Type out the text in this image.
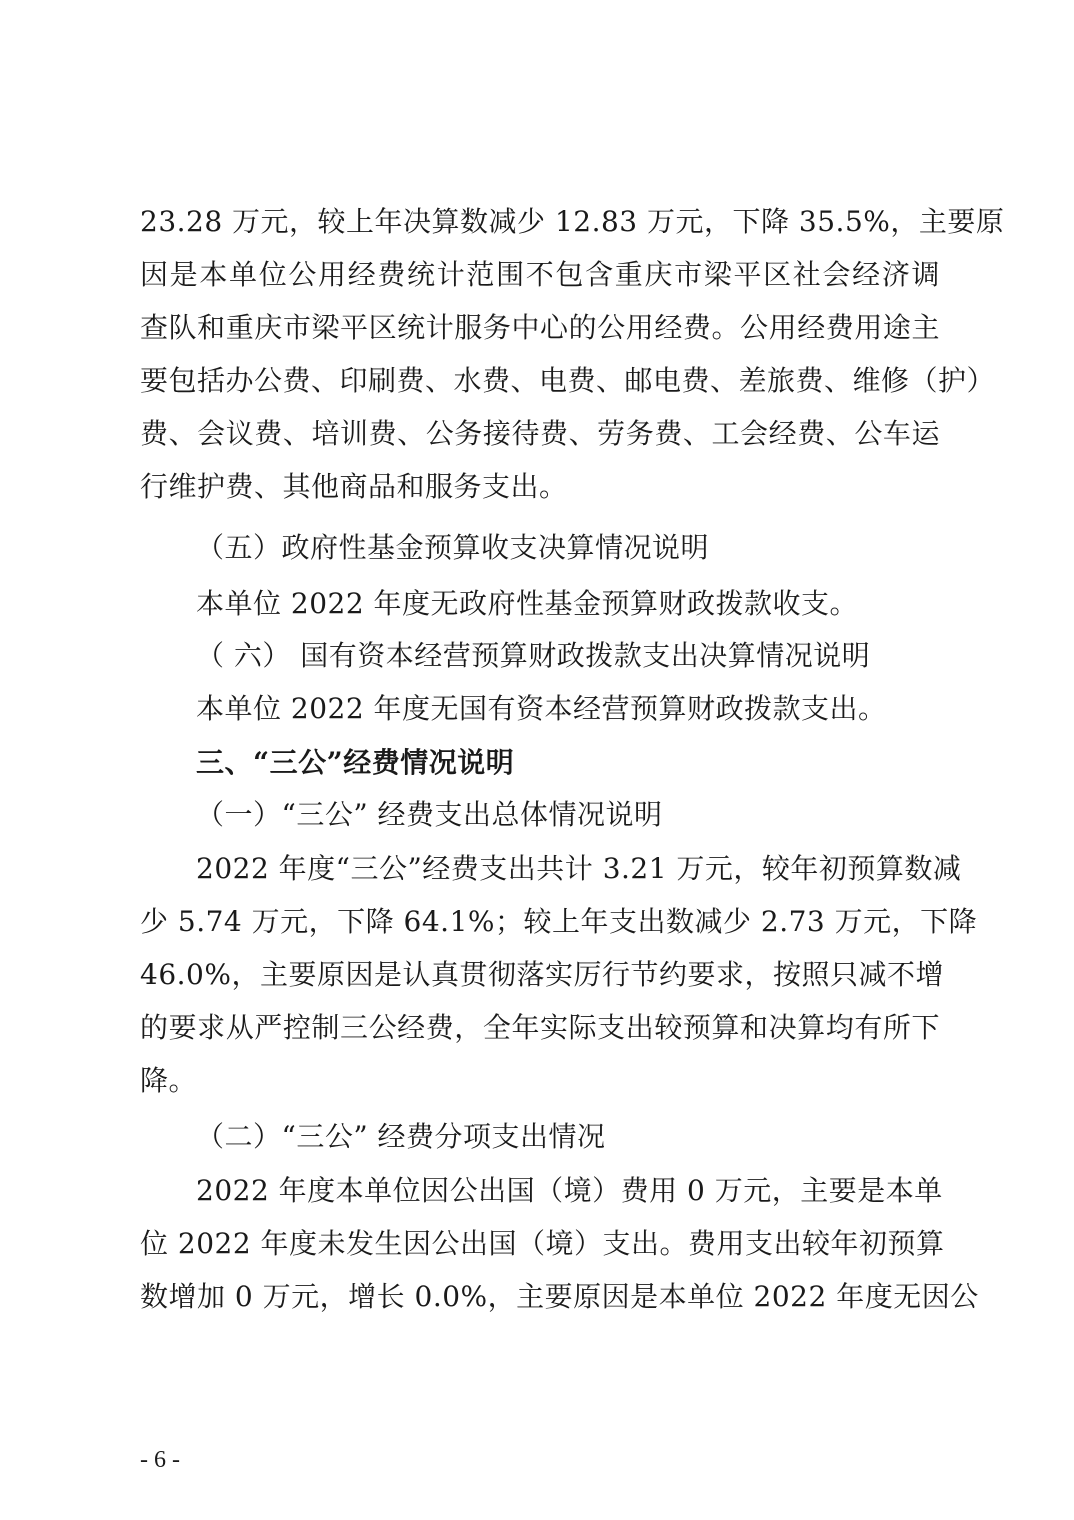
23.28 万元，较上年决算数减少 12.83 万元，下降 35.5%，主要原
因是本单位公用经费统计范围不包含重庆市梁平区社会经济调
查队和重庆市梁平区统计服务中心的公用经费。公用经费用途主
要包括办公费、印刷费、水费、电费、邮电费、差旅费、维修（护）
费、会议费、培训费、公务接待费、劳务费、工会经费、公车运
行维护费、其他商品和服务支出。
（五）政府性基金预算收支决算情况说明
本单位 2022 年度无政府性基金预算财政拨款收支。
（ 六） 国有资本经营预算财政拨款支出决算情况说明
本单位 2022 年度无国有资本经营预算财政拨款支出。
三、“三公”经费情况说明
（一）“三公” 经费支出总体情况说明
2022 年度“三公”经费支出共计 3.21 万元，较年初预算数减
少 5.74 万元，下降 64.1%；较上年支出数减少 2.73 万元，下降
46.0%，主要原因是认真贯彻落实厉行节约要求，按照只减不增
的要求从严控制三公经费，全年实际支出较预算和决算均有所下
降。
（二）“三公” 经费分项支出情况
2022 年度本单位因公出国（境）费用 0 万元，主要是本单
位 2022 年度未发生因公出国（境）支出。费用支出较年初预算
数增加 0 万元，增长 0.0%，主要原因是本单位 2022 年度无因公
- 6 -
